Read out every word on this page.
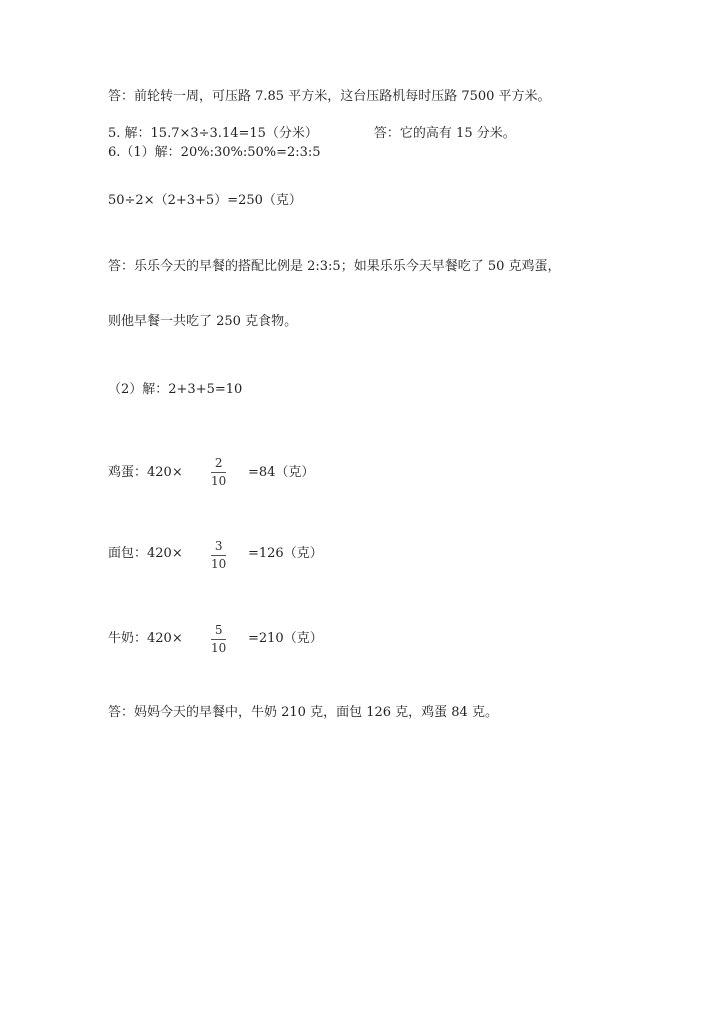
答：前轮转一周，可压路 7.85 平方米，这台压路机每时压路 7500 平方米。
5. 解：15.7×3÷3.14=15（分米）	答：它的高有 15 分米。
6.（1）解：20%:30%:50%=2:3:5
50÷2×（2+3+5）=250（克）
答：乐乐今天的早餐的搭配比例是 2:3:5；如果乐乐今天早餐吃了 50 克鸡蛋，
则他早餐一共吃了 250 克食物。
（2）解：2+3+5=10
鸡蛋：420×
2
10
=84（克）
面包：420×	3
10
=126（克）
牛奶：420×
5
10
=210（克）
答：妈妈今天的早餐中，牛奶 210 克，面包 126 克，鸡蛋 84 克。
